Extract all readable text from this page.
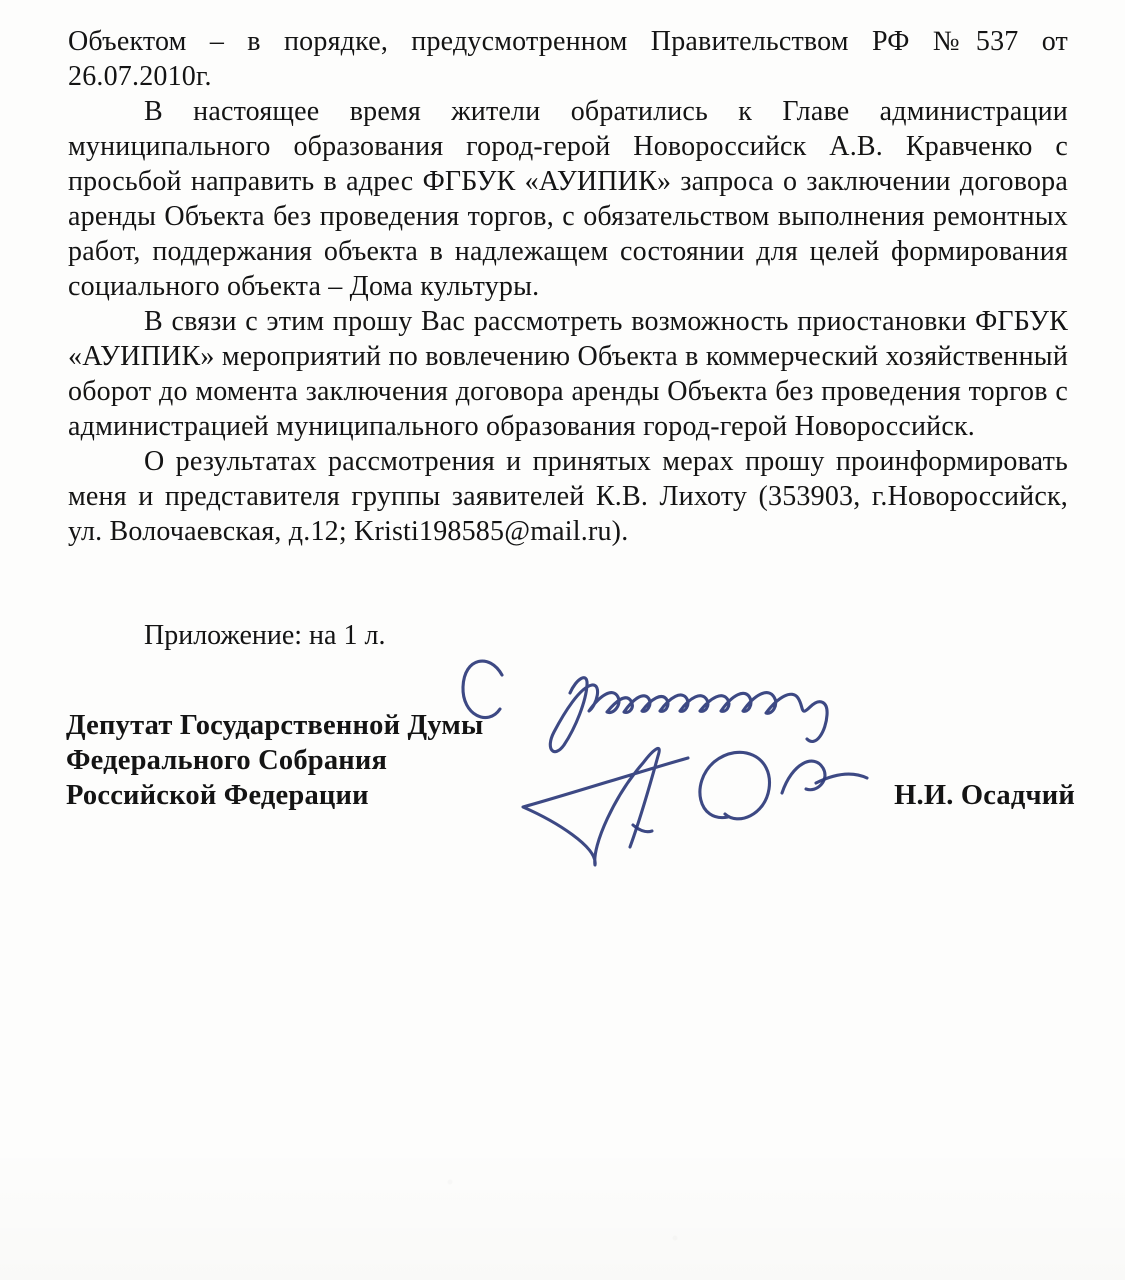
Объектом – в порядке, предусмотренном Правительством РФ №537 от 26.07.2010г.

В настоящее время жители обратились к Главе администрации муниципального образования город-герой Новороссийск А.В. Кравченко с просьбой направить в адрес ФГБУК «АУИПИК» запроса о заключении договора аренды Объекта без проведения торгов, с обязательством выполнения ремонтных работ, поддержания объекта в надлежащем состоянии для целей формирования социального объекта – Дома культуры.

В связи с этим прошу Вас рассмотреть возможность приостановки ФГБУК «АУИПИК» мероприятий по вовлечению Объекта в коммерческий хозяйственный оборот до момента заключения договора аренды Объекта без проведения торгов с администрацией муниципального образования город-герой Новороссийск.

О результатах рассмотрения и принятых мерах прошу проинформировать меня и представителя группы заявителей К.В. Лихоту (353903, г.Новороссийск, ул. Волочаевская, д.12; Kristi198585@mail.ru).

Приложение: на 1 л.
Депутат Государственной Думы
Федерального Собрания
Российской Федерации	Н.И. Осадчий
